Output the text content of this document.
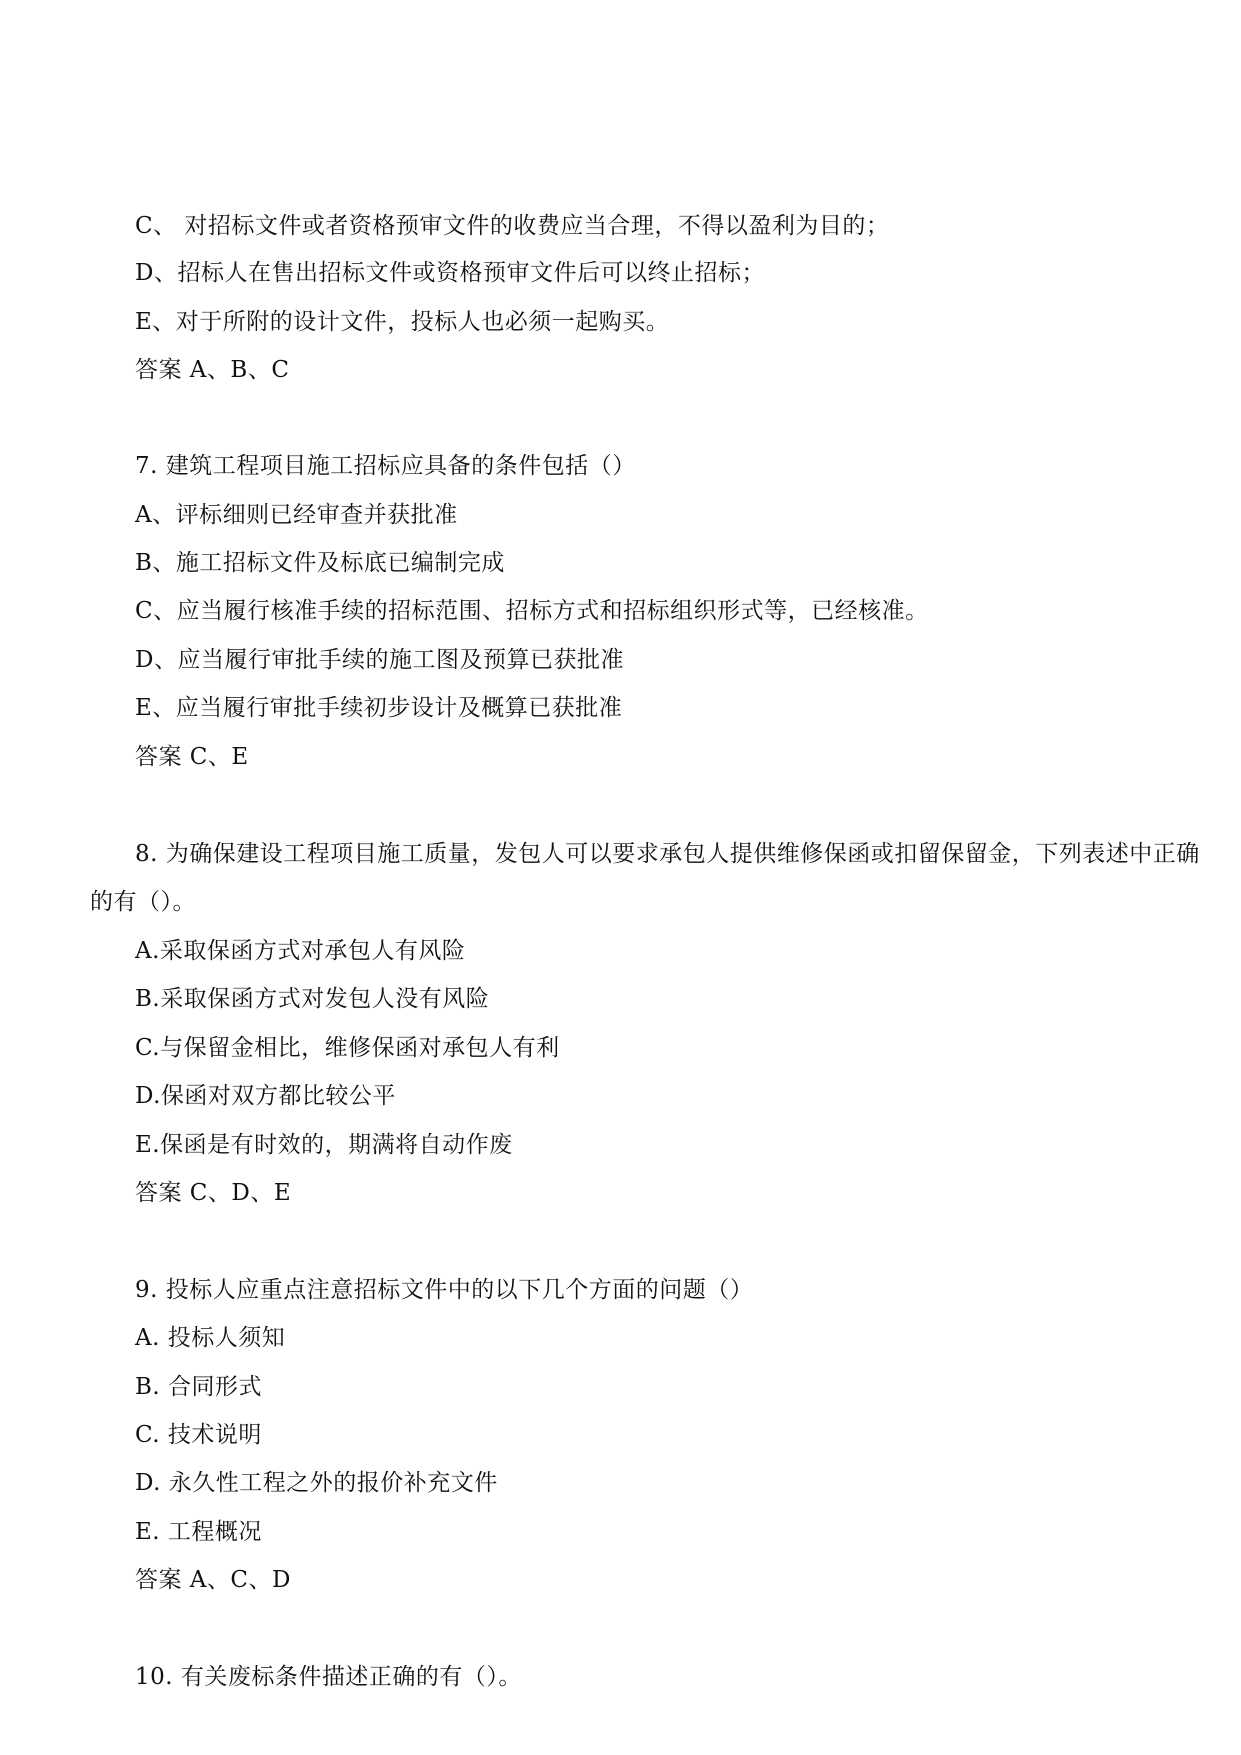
C、 对招标文件或者资格预审文件的收费应当合理，不得以盈利为目的；
D、招标人在售出招标文件或资格预审文件后可以终止招标；
E、对于所附的设计文件，投标人也必须一起购买。
答案 A、B、C
7. 建筑工程项目施工招标应具备的条件包括（）
A、评标细则已经审查并获批准
B、施工招标文件及标底已编制完成
C、应当履行核准手续的招标范围、招标方式和招标组织形式等，已经核准。
D、应当履行审批手续的施工图及预算已获批准
E、应当履行审批手续初步设计及概算已获批准
答案 C、E
8. 为确保建设工程项目施工质量，发包人可以要求承包人提供维修保函或扣留保留金，下列表述中正确
的有（）。
A.采取保函方式对承包人有风险
B.采取保函方式对发包人没有风险
C.与保留金相比，维修保函对承包人有利
D.保函对双方都比较公平
E.保函是有时效的，期满将自动作废
答案 C、D、E
9. 投标人应重点注意招标文件中的以下几个方面的问题（）
A. 投标人须知
B. 合同形式
C. 技术说明
D. 永久性工程之外的报价补充文件
E. 工程概况
答案 A、C、D
10. 有关废标条件描述正确的有（）。
